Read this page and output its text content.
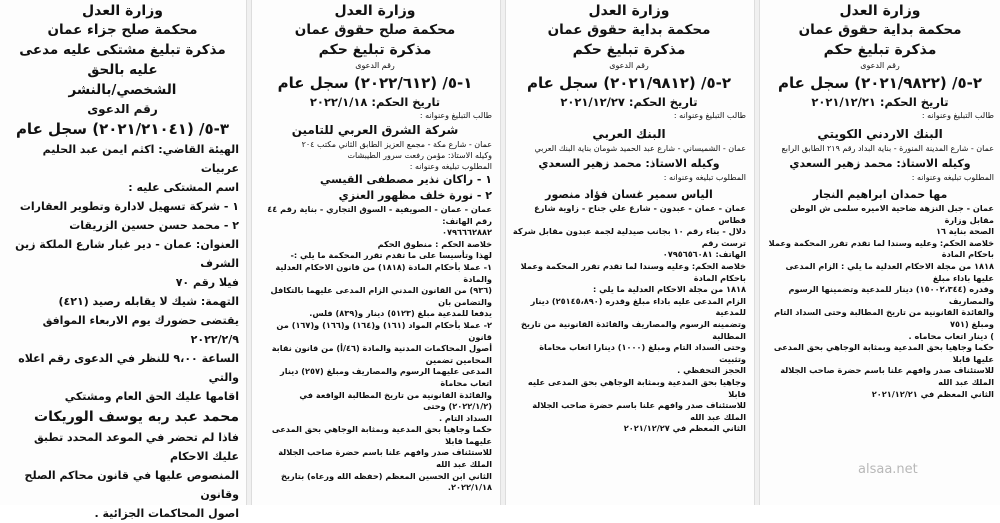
وزارة العدل
محكمة صلح جزاء عمان
مذكرة تبليغ مشتكى عليه مدعى عليه بالحق
الشخصي/بالنشر
رقم الدعوى
٣-٥/ (٢٠٢١/٢١٠٤١) سجل عام
الهيئة القاضي: اكثم ايمن عبد الحليم عربيات
اسم المشتكى عليه :
١ - شركة تسهيل لادارة وتطوير العقارات
٢ - محمد حسن حسين الزريقات
العنوان: عمان - دير غبار شارع الملكة زين الشرف
فيلا رقم ٧٠
التهمة: شيك لا يقابله رصيد (٤٢١)
يقتضى حضورك يوم الاربعاء الموافق ٢٠٢٢/٢/٩
الساعة ٩،٠٠ للنظر في الدعوى رقم اعلاه والتي
اقامها عليك الحق العام ومشتكي
محمد عبد ربه يوسف الوريكات
فاذا لم تحضر في الموعد المحدد تطبق عليك الاحكام
المنصوص عليها في قانون محاكم الصلح وقانون
اصول المحاكمات الجزائية .
وزارة العدل
محكمة صلح حقوق عمان
مذكرة تبليغ حكم
رقم الدعوى
١-٥/ (٢٠٢٢/٦١٢) سجل عام
تاريخ الحكم: ٢٠٢٢/١/١٨
طالب التبليغ وعنوانه :
شركة الشرق العربي للتامين
عمان - شارع مكة - مجمع العزيز الطابق الثاني مكتب ٢٠٤
وكيله الاستاذ: مؤمن رفعت سرور الطيبشات
المطلوب تبليغه وعنوانه :
١ - راكان نذير مصطفى القيسي
٢ - نورة خلف مظهور العنزي
عمان - عمان - الصويفية - السوق التجاري - بناية رقم ٤٤ رقم الهاتف:
٠٧٩٦٦٦٢٨٨٢
خلاصة الحكم : منطوق الحكم
لهذا وتأسيسا على ما تقدم تقرر المحكمة ما يلي :-
١- عملا بأحكام المادة (١٨١٨) من قانون الاحكام العدلية والمادة
(٩٣٦) من القانون المدني الزام المدعى عليهما بالتكافل والتضامن بان
يدفعا للمدعية مبلغ (٥١٢٣) دينار و(٨٣٩) فلس.
٢- عملا بأحكام المواد (١٦١) و(١٦٤) و(١٦٦) و(١٦٧) من قانون
أصول المحاكمات المدنية والمادة (٤٦/أ) من قانون نقابة المحامين تضمين
المدعى عليهما الرسوم والمصاريف ومبلغ (٢٥٧) دينار اتعاب محاماة
والفائدة القانونية من تاريخ المطالبة الواقعة في (٢٠٢٢/١/٢) وحتى
السداد التام .
حكما وجاهيا بحق المدعية وبمثابة الوجاهي بحق المدعى عليهما قابلا
للاستئناف صدر وافهم علنا باسم حضرة صاحب الجلالة الملك عبد الله
الثاني ابن الحسين المعظم (حفظه الله ورعاه) بتاريخ ٢٠٢٢/١/١٨.
وزارة العدل
محكمة بداية حقوق عمان
مذكرة تبليغ حكم
رقم الدعوى
٢-٥/ (٢٠٢١/٩٨١٢) سجل عام
تاريخ الحكم: ٢٠٢١/١٢/٢٧
طالب التبليغ وعنوانه :
البنك العربي
عمان - الشميساني - شارع عبد الحميد شومان بناية البنك العربي
وكيله الاستاذ: محمد زهير السعدي
المطلوب تبليغه وعنوانه :
الياس سمير غسان فؤاد منصور
عمان - عمان - عبدون - شارع علي جناح - زاوية شارع قطاس
دلال - بناء رقم ١٠ بجانب صيدلية لجمة عبدون مقابل شركة ترست رقم
الهاتف: ٠٧٩٥٦٥٦٠٨١
خلاصة الحكم: وعليه وسندا لما تقدم تقرر المحكمة وعملا باحكام المادة
١٨١٨ من مجلة الاحكام العدلية ما يلي :
الزام المدعى عليه باداء مبلغ وقدره (٢٥١٤٥،٨٩٠) دينار للمدعية
وتضمينه الرسوم والمصاريف والفائدة القانونية من تاريخ المطالبة
وحتى السداد التام ومبلغ (١٠٠٠) دينارا اتعاب محاماة وتثبيت
الحجز التحفظي .
وجاهيا بحق المدعية وبمثابة الوجاهي بحق المدعى عليه قابلا
للاستئناف صدر وافهم علنا باسم حضرة صاحب الجلالة الملك عبد الله
الثاني المعظم في ٢٠٢١/١٢/٢٧
وزارة العدل
محكمة بداية حقوق عمان
مذكرة تبليغ حكم
رقم الدعوى
٢-٥/ (٢٠٢١/٩٨٢٢) سجل عام
تاريخ الحكم: ٢٠٢١/١٢/٢١
طالب التبليغ وعنوانه :
البنك الاردني الكويتي
عمان - شارع المدينة المنورة - بناية البداد رقم ٢١٩ الطابق الرابع
وكيله الاستاذ: محمد زهير السعدي
المطلوب تبليغه وعنوانه :
مها حمدان ابراهيم النجار
عمان - جبل النزهة ضاحية الاميره سلمى ش الوطن مقابل وزارة
الصحة بناية ١٦
خلاصة الحكم: وعليه وسندا لما تقدم تقرر المحكمة وعملا باحكام المادة
١٨١٨ من مجلة الاحكام العدلية ما يلي : الزام المدعى عليها باداء مبلغ
وقدره (١٥٠٠٢،٣٤٤) دينار للمدعية وتضمينها الرسوم والمصاريف
والفائدة القانونية من تاريخ المطالبة وحتى السداد التام ومبلغ (٧٥١
) دينار اتعاب محاماه .
حكما وجاهيا بحق المدعية وبمثابة الوجاهي بحق المدعى عليها قابلا
للاستئناف صدر وافهم علنا باسم حضرة صاحب الجلالة الملك عبد الله
الثاني المعظم في ٢٠٢١/١٢/٢١
alsaa.net
